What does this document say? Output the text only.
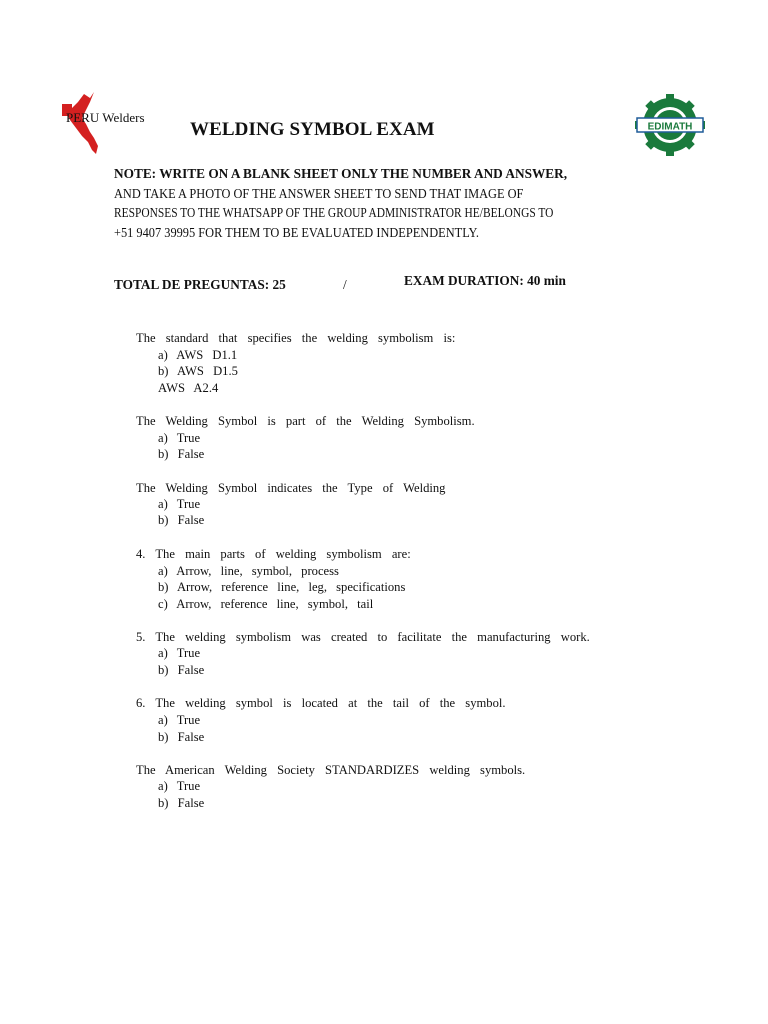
PERU Welders
EDIMATH
WELDING SYMBOL EXAM
NOTE: WRITE ON A BLANK SHEET ONLY THE NUMBER AND ANSWER,
AND TAKE A PHOTO OF THE ANSWER SHEET TO SEND THAT IMAGE OF
RESPONSES TO THE WHATSAPP OF THE GROUP ADMINISTRATOR HE/BELONGS TO
+51 9407 39995 FOR THEM TO BE EVALUATED INDEPENDENTLY.
TOTAL DE PREGUNTAS: 25	/	EXAM DURATION: 40 min
The standard that specifies the welding symbolism is:
a) AWS D1.1
b) AWS D1.5
AWS A2.4
The Welding Symbol is part of the Welding Symbolism.
a) True
b) False
The Welding Symbol indicates the Type of Welding
a) True
b) False
4. The main parts of welding symbolism are:
a) Arrow, line, symbol, process
b) Arrow, reference line, leg, specifications
c) Arrow, reference line, symbol, tail
5. The welding symbolism was created to facilitate the manufacturing work.
a) True
b) False
6. The welding symbol is located at the tail of the symbol.
a) True
b) False
The American Welding Society STANDARDIZES welding symbols.
a) True
b) False
